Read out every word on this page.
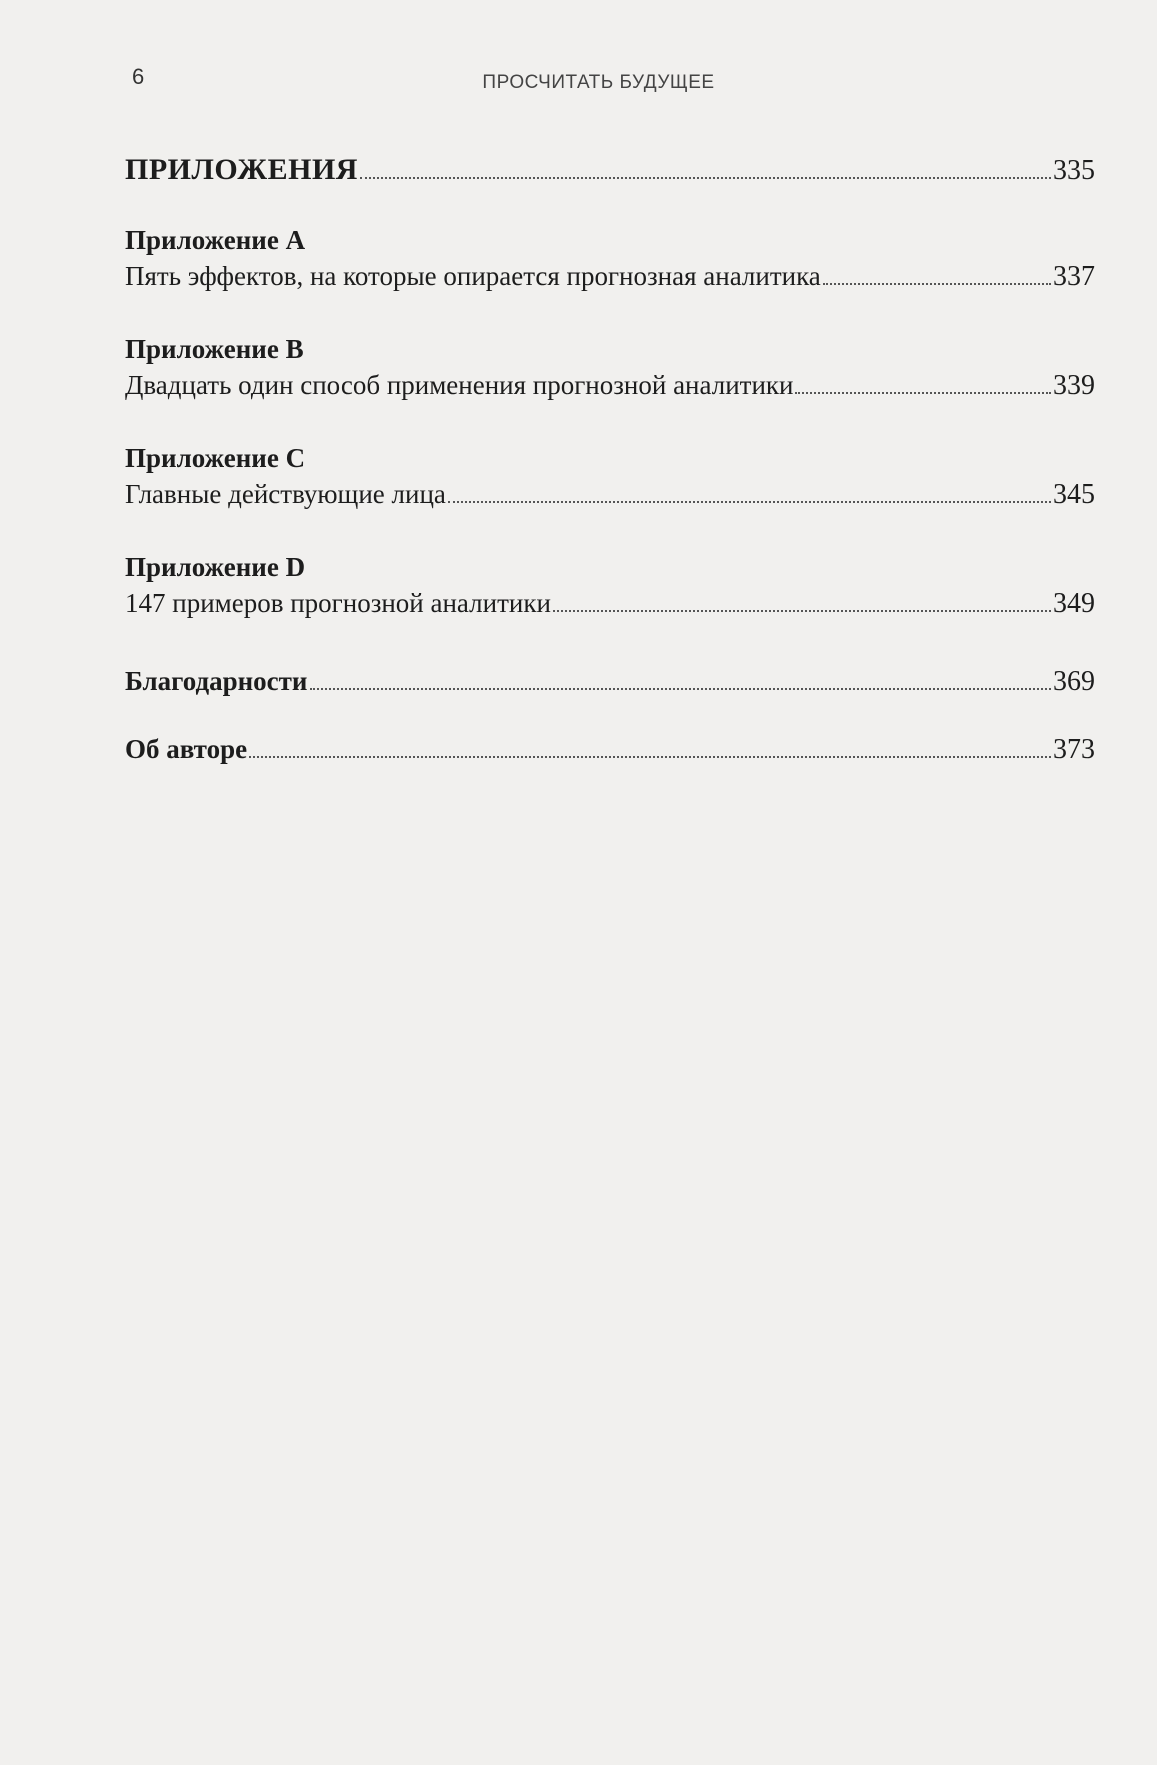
6	ПРОСЧИТАТЬ БУДУЩЕЕ
ПРИЛОЖЕНИЯ	335
Приложение A
Пять эффектов, на которые опирается прогнозная аналитика	337
Приложение B
Двадцать один способ применения прогнозной аналитики	339
Приложение C
Главные действующие лица	345
Приложение D
147 примеров прогнозной аналитики	349
Благодарности	369
Об авторе	373
